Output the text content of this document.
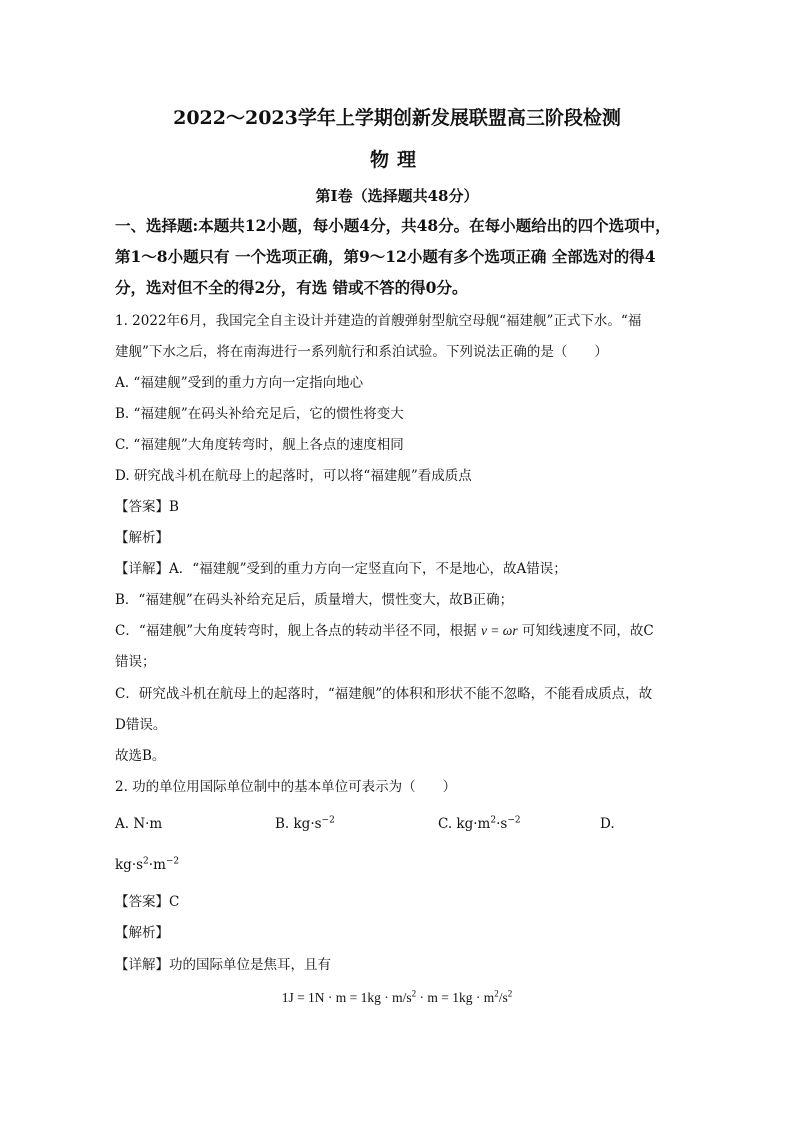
2022～2023学年上学期创新发展联盟高三阶段检测
物理
第Ⅰ卷（选择题共48分）
一、选择题:本题共12小题，每小题4分，共48分。在每小题给出的四个选项中，
第1～8小题只有 一个选项正确，第9～12小题有多个选项正确 全部选对的得4
分，选对但不全的得2分，有选 错或不答的得0分。
1. 2022年6月，我国完全自主设计并建造的首艘弹射型航空母舰“福建舰”正式下水。“福
建舰”下水之后，将在南海进行一系列航行和系泊试验。下列说法正确的是（　　）
A. “福建舰”受到的重力方向一定指向地心
B. “福建舰”在码头补给充足后，它的惯性将变大
C. “福建舰”大角度转弯时，舰上各点的速度相同
D. 研究战斗机在航母上的起落时，可以将“福建舰”看成质点
【答案】B
【解析】
【详解】A．“福建舰”受到的重力方向一定竖直向下，不是地心，故A错误；
B．“福建舰”在码头补给充足后，质量增大，惯性变大，故B正确；
C．“福建舰”大角度转弯时，舰上各点的转动半径不同，根据 v = ωr 可知线速度不同，故C
错误；
C．研究战斗机在航母上的起落时，“福建舰”的体积和形状不能不忽略，不能看成质点，故
D错误。
故选B。
2. 功的单位用国际单位制中的基本单位可表示为（　　）
A. N·m	B. $kg\cdot s^{-2}$	C. $kg\cdot m^2\cdot s^{-2}$	D.
$kg\cdot s^2\cdot m^{-2}$
【答案】C
【解析】
【详解】功的国际单位是焦耳，且有
$1J = 1N \cdot m = 1kg \cdot m/s^2 \cdot m = 1kg \cdot m^2/s^2$
